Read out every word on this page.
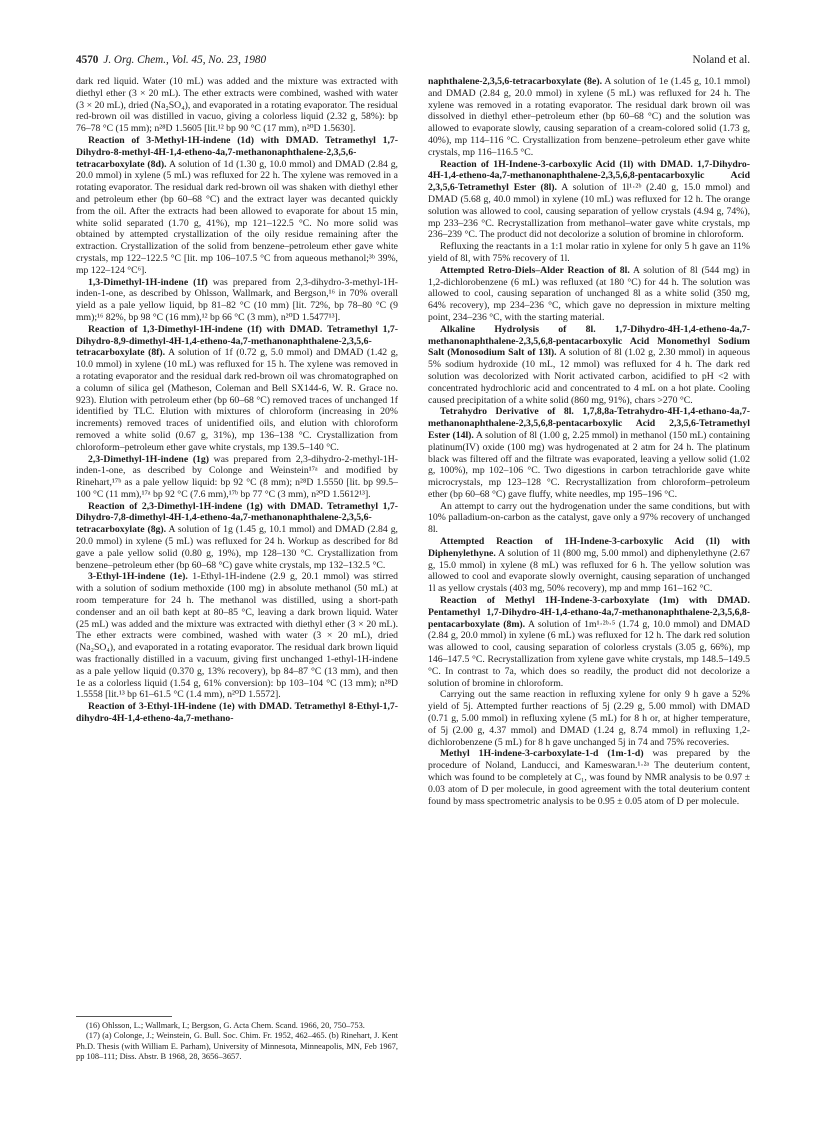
4570 J. Org. Chem., Vol. 45, No. 23, 1980	Noland et al.

dark red liquid. Water (10 mL) was added and the mixture was extracted with diethyl ether (3 × 20 mL). The ether extracts were combined, washed with water (3 × 20 mL), dried (Na₂SO₄), and evaporated in a rotating evaporator. The residual red-brown oil was distilled in vacuo, giving a colorless liquid (2.32 g, 58%): bp 76–78 °C (15 mm); n²⁸D 1.5605 [lit.¹² bp 90 °C (17 mm), n²⁰D 1.5630].

Reaction of 3-Methyl-1H-indene (1d) with DMAD. Tetramethyl 1,7-Dihydro-8-methyl-4H-1,4-etheno-4a,7-methanonaphthalene-2,3,5,6-tetracarboxylate (8d). A solution of 1d (1.30 g, 10.0 mmol) and DMAD (2.84 g, 20.0 mmol) in xylene (5 mL) was refluxed for 22 h. The xylene was removed in a rotating evaporator. The residual dark red-brown oil was shaken with diethyl ether and petroleum ether (bp 60–68 °C) and the extract layer was decanted quickly from the oil. After the extracts had been allowed to evaporate for about 15 min, white solid separated (1.70 g, 41%), mp 121–122.5 °C. No more solid was obtained by attempted crystallization of the oily residue remaining after the extraction. Crystallization of the solid from benzene–petroleum ether gave white crystals, mp 122–122.5 °C [lit. mp 106–107.5 °C from aqueous methanol;³ᵇ 39%, mp 122–124 °C⁶].

1,3-Dimethyl-1H-indene (1f) was prepared from 2,3-dihydro-3-methyl-1H-inden-1-one, as described by Ohlsson, Wallmark, and Bergson,¹⁶ in 70% overall yield as a pale yellow liquid, bp 81–82 °C (10 mm) [lit. 72%, bp 78–80 °C (9 mm);¹⁶ 82%, bp 98 °C (16 mm),¹² bp 66 °C (3 mm), n²⁰D 1.5477¹³].

Reaction of 1,3-Dimethyl-1H-indene (1f) with DMAD. Tetramethyl 1,7-Dihydro-8,9-dimethyl-4H-1,4-etheno-4a,7-methanonaphthalene-2,3,5,6-tetracarboxylate (8f). A solution of 1f (0.72 g, 5.0 mmol) and DMAD (1.42 g, 10.0 mmol) in xylene (10 mL) was refluxed for 15 h. The xylene was removed in a rotating evaporator and the residual dark red-brown oil was chromatographed on a column of silica gel (Matheson, Coleman and Bell SX144-6, W. R. Grace no. 923). Elution with petroleum ether (bp 60–68 °C) removed traces of unchanged 1f identified by TLC. Elution with mixtures of chloroform (increasing in 20% increments) removed traces of unidentified oils, and elution with chloroform removed a white solid (0.67 g, 31%), mp 136–138 °C. Crystallization from chloroform–petroleum ether gave white crystals, mp 139.5–140 °C.

2,3-Dimethyl-1H-indene (1g) was prepared from 2,3-dihydro-2-methyl-1H-inden-1-one, as described by Colonge and Weinstein¹⁷ᵃ and modified by Rinehart,¹⁷ᵇ as a pale yellow liquid: bp 92 °C (8 mm); n²⁸D 1.5550 [lit. bp 99.5–100 °C (11 mm),¹⁷ᵃ bp 92 °C (7.6 mm),¹⁷ᵇ bp 77 °C (3 mm), n²⁰D 1.5612¹³].

Reaction of 2,3-Dimethyl-1H-indene (1g) with DMAD. Tetramethyl 1,7-Dihydro-7,8-dimethyl-4H-1,4-etheno-4a,7-methanonaphthalene-2,3,5,6-tetracarboxylate (8g). A solution of 1g (1.45 g, 10.1 mmol) and DMAD (2.84 g, 20.0 mmol) in xylene (5 mL) was refluxed for 24 h. Workup as described for 8d gave a pale yellow solid (0.80 g, 19%), mp 128–130 °C. Crystallization from benzene–petroleum ether (bp 60–68 °C) gave white crystals, mp 132–132.5 °C.

3-Ethyl-1H-indene (1e). 1-Ethyl-1H-indene (2.9 g, 20.1 mmol) was stirred with a solution of sodium methoxide (100 mg) in absolute methanol (50 mL) at room temperature for 24 h. The methanol was distilled, using a short-path condenser and an oil bath kept at 80–85 °C, leaving a dark brown liquid. Water (25 mL) was added and the mixture was extracted with diethyl ether (3 × 20 mL). The ether extracts were combined, washed with water (3 × 20 mL), dried (Na₂SO₄), and evaporated in a rotating evaporator. The residual dark brown liquid was fractionally distilled in a vacuum, giving first unchanged 1-ethyl-1H-indene as a pale yellow liquid (0.370 g, 13% recovery), bp 84–87 °C (13 mm), and then 1e as a colorless liquid (1.54 g, 61% conversion): bp 103–104 °C (13 mm); n²⁸D 1.5558 [lit.¹³ bp 61–61.5 °C (1.4 mm), n²⁰D 1.5572].

Reaction of 3-Ethyl-1H-indene (1e) with DMAD. Tetramethyl 8-Ethyl-1,7-dihydro-4H-1,4-etheno-4a,7-methano-

naphthalene-2,3,5,6-tetracarboxylate (8e). A solution of 1e (1.45 g, 10.1 mmol) and DMAD (2.84 g, 20.0 mmol) in xylene (5 mL) was refluxed for 24 h. The xylene was removed in a rotating evaporator. The residual dark brown oil was dissolved in diethyl ether–petroleum ether (bp 60–68 °C) and the solution was allowed to evaporate slowly, causing separation of a cream-colored solid (1.73 g, 40%), mp 114–116 °C. Crystallization from benzene–petroleum ether gave white crystals, mp 116–116.5 °C.

Reaction of 1H-Indene-3-carboxylic Acid (1l) with DMAD. 1,7-Dihydro-4H-1,4-etheno-4a,7-methanonaphthalene-2,3,5,6,8-pentacarboxylic Acid 2,3,5,6-Tetramethyl Ester (8l). A solution of 1l¹·²ᵇ (2.40 g, 15.0 mmol) and DMAD (5.68 g, 40.0 mmol) in xylene (10 mL) was refluxed for 12 h. The orange solution was allowed to cool, causing separation of yellow crystals (4.94 g, 74%), mp 233–236 °C. Recrystallization from methanol–water gave white crystals, mp 236–239 °C. The product did not decolorize a solution of bromine in chloroform.

Refluxing the reactants in a 1:1 molar ratio in xylene for only 5 h gave an 11% yield of 8l, with 75% recovery of 1l.

Attempted Retro-Diels–Alder Reaction of 8l. A solution of 8l (544 mg) in 1,2-dichlorobenzene (6 mL) was refluxed (at 180 °C) for 44 h. The solution was allowed to cool, causing separation of unchanged 8l as a white solid (350 mg, 64% recovery), mp 234–236 °C, which gave no depression in mixture melting point, 234–236 °C, with the starting material.

Alkaline Hydrolysis of 8l. 1,7-Dihydro-4H-1,4-etheno-4a,7-methanonaphthalene-2,3,5,6,8-pentacarboxylic Acid Monomethyl Sodium Salt (Monosodium Salt of 13l). A solution of 8l (1.02 g, 2.30 mmol) in aqueous 5% sodium hydroxide (10 mL, 12 mmol) was refluxed for 4 h. The dark red solution was decolorized with Norit activated carbon, acidified to pH <2 with concentrated hydrochloric acid and concentrated to 4 mL on a hot plate. Cooling caused precipitation of a white solid (860 mg, 91%), chars >270 °C.

Tetrahydro Derivative of 8l. 1,7,8,8a-Tetrahydro-4H-1,4-ethano-4a,7-methanonaphthalene-2,3,5,6,8-pentacarboxylic Acid 2,3,5,6-Tetramethyl Ester (14l). A solution of 8l (1.00 g, 2.25 mmol) in methanol (150 mL) containing platinum(IV) oxide (100 mg) was hydrogenated at 2 atm for 24 h. The platinum black was filtered off and the filtrate was evaporated, leaving a yellow solid (1.02 g, 100%), mp 102–106 °C. Two digestions in carbon tetrachloride gave white microcrystals, mp 123–128 °C. Recrystallization from chloroform–petroleum ether (bp 60–68 °C) gave fluffy, white needles, mp 195–196 °C.

An attempt to carry out the hydrogenation under the same conditions, but with 10% palladium-on-carbon as the catalyst, gave only a 97% recovery of unchanged 8l.

Attempted Reaction of 1H-Indene-3-carboxylic Acid (1l) with Diphenylethyne. A solution of 1l (800 mg, 5.00 mmol) and diphenylethyne (2.67 g, 15.0 mmol) in xylene (8 mL) was refluxed for 6 h. The yellow solution was allowed to cool and evaporate slowly overnight, causing separation of unchanged 1l as yellow crystals (403 mg, 50% recovery), mp and mmp 161–162 °C.

Reaction of Methyl 1H-Indene-3-carboxylate (1m) with DMAD. Pentamethyl 1,7-Dihydro-4H-1,4-ethano-4a,7-methanonaphthalene-2,3,5,6,8-pentacarboxylate (8m). A solution of 1m¹·²ᵇ·⁵ (1.74 g, 10.0 mmol) and DMAD (2.84 g, 20.0 mmol) in xylene (6 mL) was refluxed for 12 h. The dark red solution was allowed to cool, causing separation of colorless crystals (3.05 g, 66%), mp 146–147.5 °C. Recrystallization from xylene gave white crystals, mp 148.5–149.5 °C. In contrast to 7a, which does so readily, the product did not decolorize a solution of bromine in chloroform.

Carrying out the same reaction in refluxing xylene for only 9 h gave a 52% yield of 5j. Attempted further reactions of 5j (2.29 g, 5.00 mmol) with DMAD (0.71 g, 5.00 mmol) in refluxing xylene (5 mL) for 8 h or, at higher temperature, of 5j (2.00 g, 4.37 mmol) and DMAD (1.24 g, 8.74 mmol) in refluxing 1,2-dichlorobenzene (5 mL) for 8 h gave unchanged 5j in 74 and 75% recoveries.

Methyl 1H-indene-3-carboxylate-1-d (1m-1-d) was prepared by the procedure of Noland, Landucci, and Kameswaran.¹·²ᵃ The deuterium content, which was found to be completely at C₁, was found by NMR analysis to be 0.97 ± 0.03 atom of D per molecule, in good agreement with the total deuterium content found by mass spectrometric analysis to be 0.95 ± 0.05 atom of D per molecule.

(16) Ohlsson, L.; Wallmark, I.; Bergson, G. Acta Chem. Scand. 1966, 20, 750–753.

(17) (a) Colonge, J.; Weinstein, G. Bull. Soc. Chim. Fr. 1952, 462–465. (b) Rinehart, J. Kent Ph.D. Thesis (with William E. Parham), University of Minnesota, Minneapolis, MN, Feb 1967, pp 108–111; Diss. Abstr. B 1968, 28, 3656–3657.
